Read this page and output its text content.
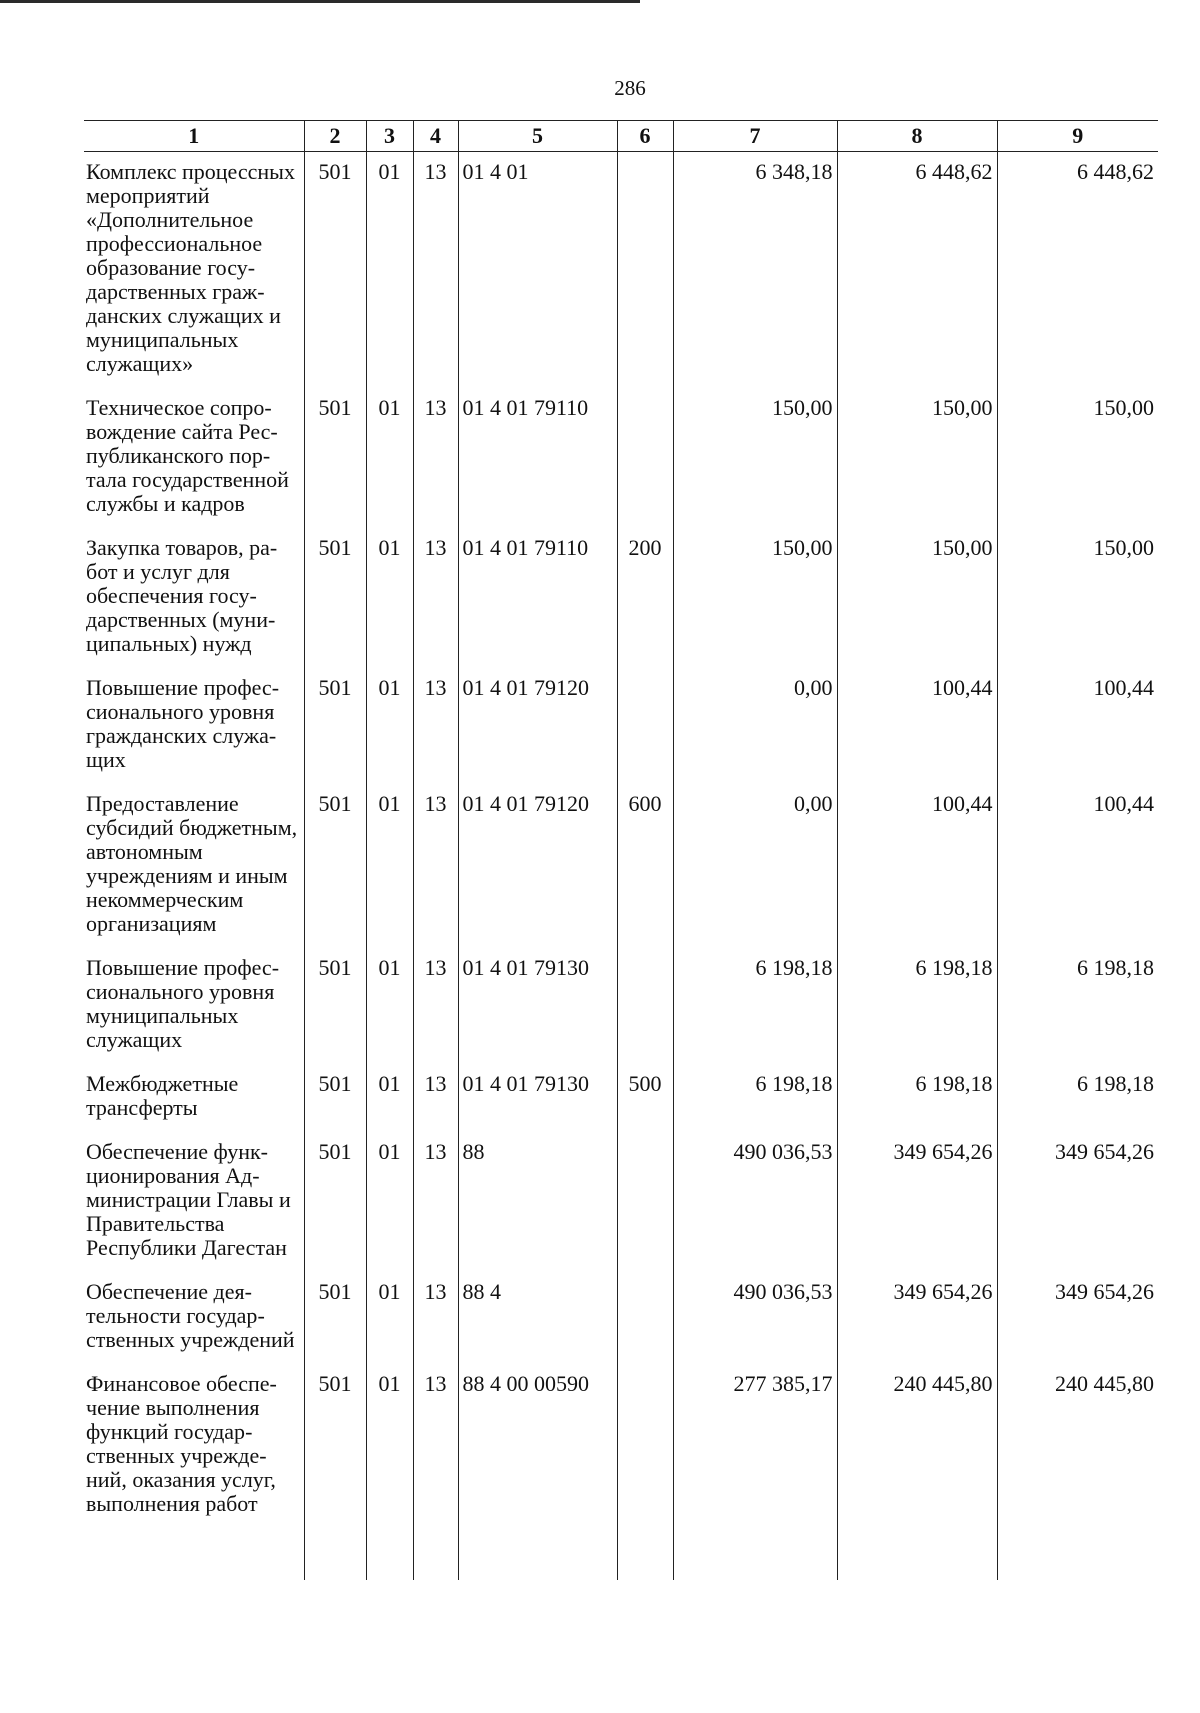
286
1	2	3	4	5	6	7	8	9
Комплекс процессных мероприятий «Дополнительное профессиональное образование государственных гражданских служащих и муниципальных служащих»	501	01	13	01 4 01		6 348,18	6 448,62	6 448,62
Техническое сопровождение сайта Республиканского портала государственной службы и кадров	501	01	13	01 4 01 79110		150,00	150,00	150,00
Закупка товаров, работ и услуг для обеспечения государственных (муниципальных) нужд	501	01	13	01 4 01 79110	200	150,00	150,00	150,00
Повышение профессионального уровня гражданских служащих	501	01	13	01 4 01 79120		0,00	100,44	100,44
Предоставление субсидий бюджетным, автономным учреждениям и иным некоммерческим организациям	501	01	13	01 4 01 79120	600	0,00	100,44	100,44
Повышение профессионального уровня муниципальных служащих	501	01	13	01 4 01 79130		6 198,18	6 198,18	6 198,18
Межбюджетные трансферты	501	01	13	01 4 01 79130	500	6 198,18	6 198,18	6 198,18
Обеспечение функционирования Администрации Главы и Правительства Республики Дагестан	501	01	13	88		490 036,53	349 654,26	349 654,26
Обеспечение деятельности государственных учреждений	501	01	13	88 4		490 036,53	349 654,26	349 654,26
Финансовое обеспечение выполнения функций государственных учреждений, оказания услуг, выполнения работ	501	01	13	88 4 00 00590		277 385,17	240 445,80	240 445,80
